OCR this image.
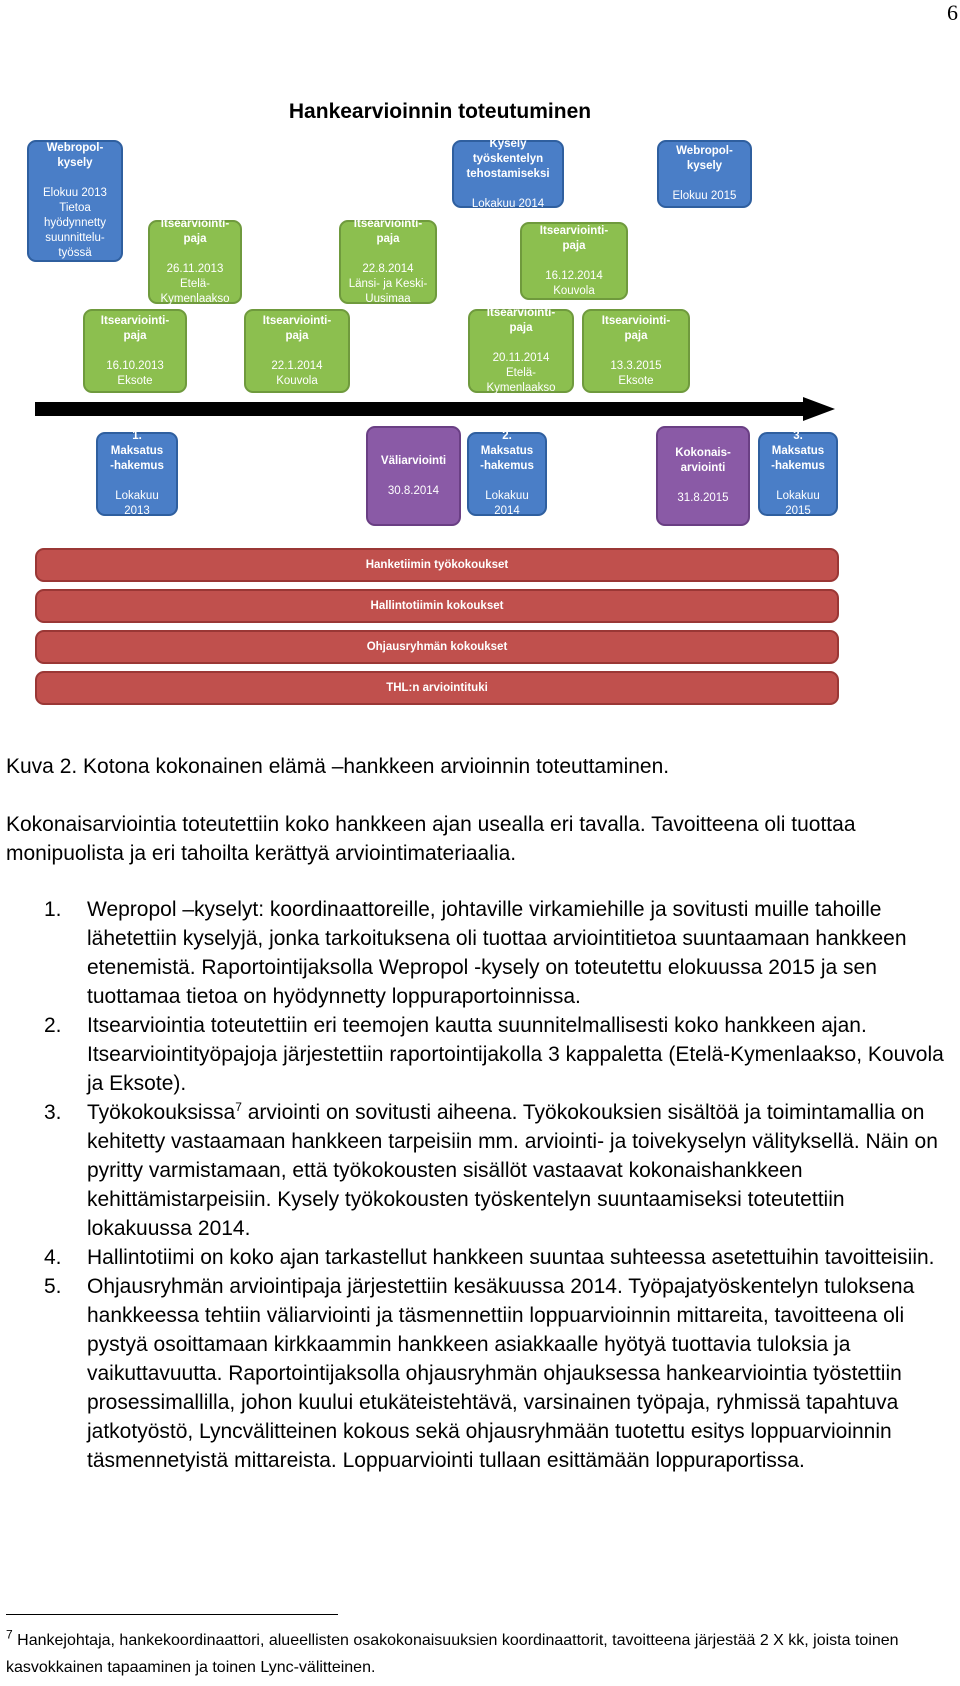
6
Hankearvioinnin toteutuminen
Webropol-
kysely

Elokuu 2013
Tietoa
hyödynnetty
suunnittelu-
työssä
Kysely
työskentelyn
tehostamiseksi

Lokakuu 2014
Webropol-
kysely

Elokuu 2015
Itsearviointi-
paja

26.11.2013
Etelä-
Kymenlaakso
Itsearviointi-
paja

22.8.2014
Länsi- ja Keski-
Uusimaa
Itsearviointi-
paja

16.12.2014
Kouvola
Itsearviointi-
paja

16.10.2013
Eksote
Itsearviointi-
paja

22.1.2014
Kouvola
Itsearviointi-
paja

20.11.2014
Etelä-
Kymenlaakso
Itsearviointi-
paja

13.3.2015
Eksote
1.
Maksatus
-hakemus

Lokakuu
2013
Väliarviointi

30.8.2014
2.
Maksatus
-hakemus

Lokakuu
2014
Kokonais-
arviointi

31.8.2015
3.
Maksatus
-hakemus

Lokakuu
2015
Hanketiimin työkokoukset
Hallintotiimin kokoukset
Ohjausryhmän kokoukset
THL:n arviointituki
Kuva 2. Kotona kokonainen elämä –hankkeen arvioinnin toteuttaminen.
Kokonaisarviointia toteutettiin koko hankkeen ajan usealla eri tavalla. Tavoitteena oli tuottaa monipuolista ja eri tahoilta kerättyä arviointimateriaalia.
1. Wepropol –kyselyt: koordinaattoreille, johtaville virkamiehille ja sovitusti muille tahoille lähetettiin kyselyjä, jonka tarkoituksena oli tuottaa arviointitietoa suuntaamaan hankkeen etenemistä. Raportointijaksolla Wepropol -kysely on toteutettu elokuussa 2015 ja sen tuottamaa tietoa on hyödynnetty loppuraportoinnissa.
2. Itsearviointia toteutettiin eri teemojen kautta suunnitelmallisesti koko hankkeen ajan. Itsearviointityöpajoja järjestettiin raportointijakolla 3 kappaletta (Etelä-Kymenlaakso, Kouvola ja Eksote).
3. Työkokouksissa$^7$ arviointi on sovitusti aiheena. Työkokouksien sisältöä ja toimintamallia on kehitetty vastaamaan hankkeen tarpeisiin mm. arviointi- ja toivekyselyn välityksellä. Näin on pyritty varmistamaan, että työkokousten sisällöt vastaavat kokonaishankkeen kehittämistarpeisiin. Kysely työkokousten työskentelyn suuntaamiseksi toteutettiin lokakuussa 2014.
4. Hallintotiimi on koko ajan tarkastellut hankkeen suuntaa suhteessa asetettuihin tavoitteisiin.
5. Ohjausryhmän arviointipaja järjestettiin kesäkuussa 2014. Työpajatyöskentelyn tuloksena hankkeessa tehtiin väliarviointi ja täsmennettiin loppuarvioinnin mittareita, tavoitteena oli pystyä osoittamaan kirkkaammin hankkeen asiakkaalle hyötyä tuottavia tuloksia ja vaikuttavuutta. Raportointijaksolla ohjausryhmän ohjauksessa hankearviointia työstettiin prosessimallilla, johon kuului etukäteistehtävä, varsinainen työpaja, ryhmissä tapahtuva jatkotyöstö, Lyncvälitteinen kokous sekä ohjausryhmään tuotettu esitys loppuarvioinnin täsmennetyistä mittareista. Loppuarviointi tullaan esittämään loppuraportissa.
$^7$ Hankejohtaja, hankekoordinaattori, alueellisten osakokonaisuuksien koordinaattorit, tavoitteena järjestää 2 X kk, joista toinen kasvokkainen tapaaminen ja toinen Lync-välitteinen.
